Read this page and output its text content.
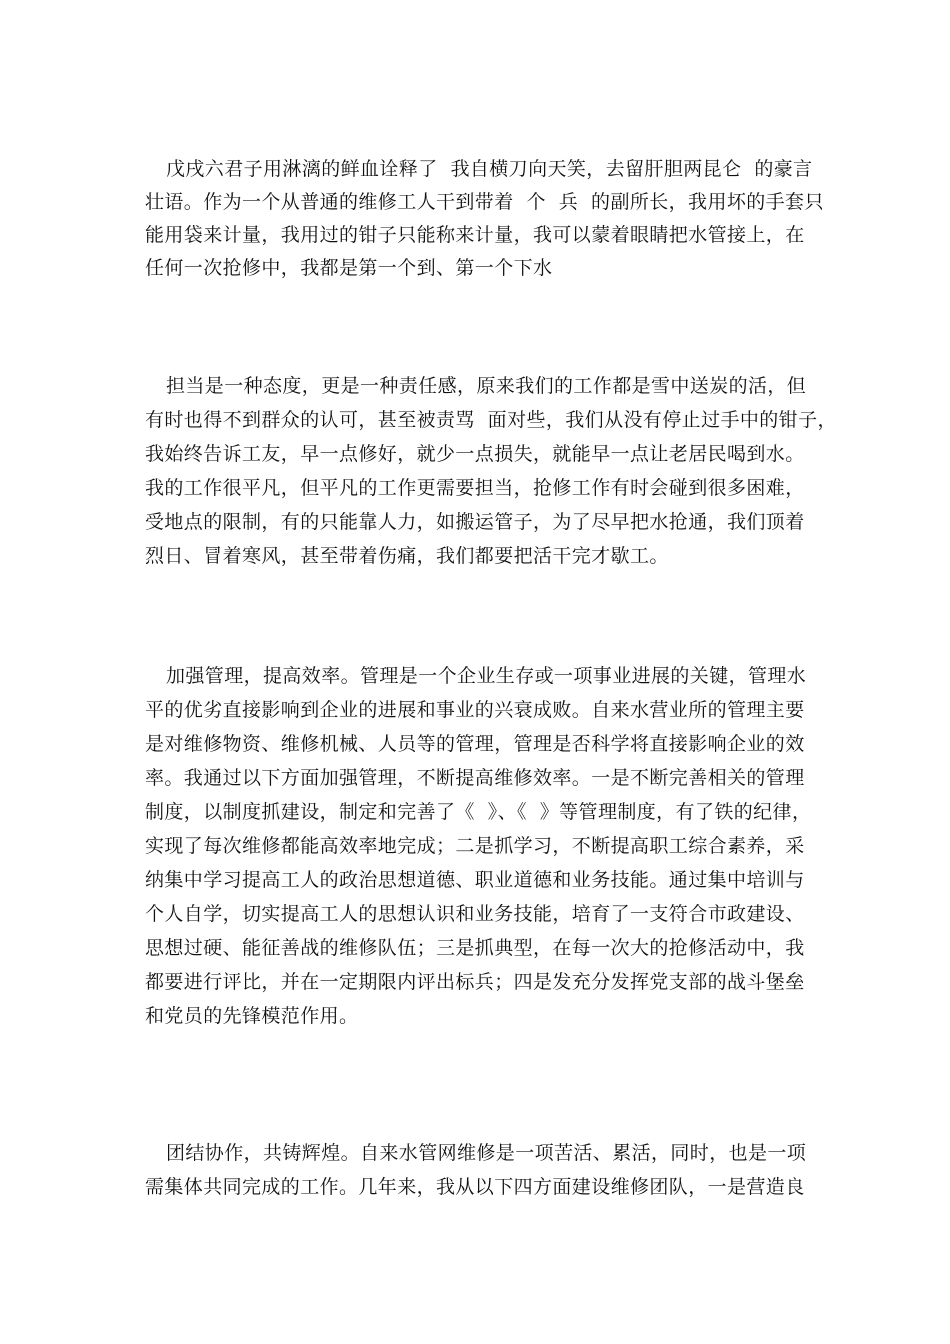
戊戌六君子用淋漓的鲜血诠释了  我自横刀向天笑，去留肝胆两昆仑  的豪言
壮语。作为一个从普通的维修工人干到带着  个  兵  的副所长，我用坏的手套只
能用袋来计量，我用过的钳子只能称来计量，我可以蒙着眼睛把水管接上，在
任何一次抢修中，我都是第一个到、第一个下水
担当是一种态度，更是一种责任感，原来我们的工作都是雪中送炭的活，但
有时也得不到群众的认可，甚至被责骂  面对些，我们从没有停止过手中的钳子，
我始终告诉工友，早一点修好，就少一点损失，就能早一点让老居民喝到水。
我的工作很平凡，但平凡的工作更需要担当，抢修工作有时会碰到很多困难，
受地点的限制，有的只能靠人力，如搬运管子，为了尽早把水抢通，我们顶着
烈日、冒着寒风，甚至带着伤痛，我们都要把活干完才歇工。
加强管理，提高效率。管理是一个企业生存或一项事业进展的关键，管理水
平的优劣直接影响到企业的进展和事业的兴衰成败。自来水营业所的管理主要
是对维修物资、维修机械、人员等的管理，管理是否科学将直接影响企业的效
率。我通过以下方面加强管理，不断提高维修效率。一是不断完善相关的管理
制度，以制度抓建设，制定和完善了《  》、《  》等管理制度，有了铁的纪律，
实现了每次维修都能高效率地完成；二是抓学习，不断提高职工综合素养，采
纳集中学习提高工人的政治思想道德、职业道德和业务技能。通过集中培训与
个人自学，切实提高工人的思想认识和业务技能，培育了一支符合市政建设、
思想过硬、能征善战的维修队伍；三是抓典型，在每一次大的抢修活动中，我
都要进行评比，并在一定期限内评出标兵；四是发充分发挥党支部的战斗堡垒
和党员的先锋模范作用。
团结协作，共铸辉煌。自来水管网维修是一项苦活、累活，同时，也是一项
需集体共同完成的工作。几年来，我从以下四方面建设维修团队，一是营造良
